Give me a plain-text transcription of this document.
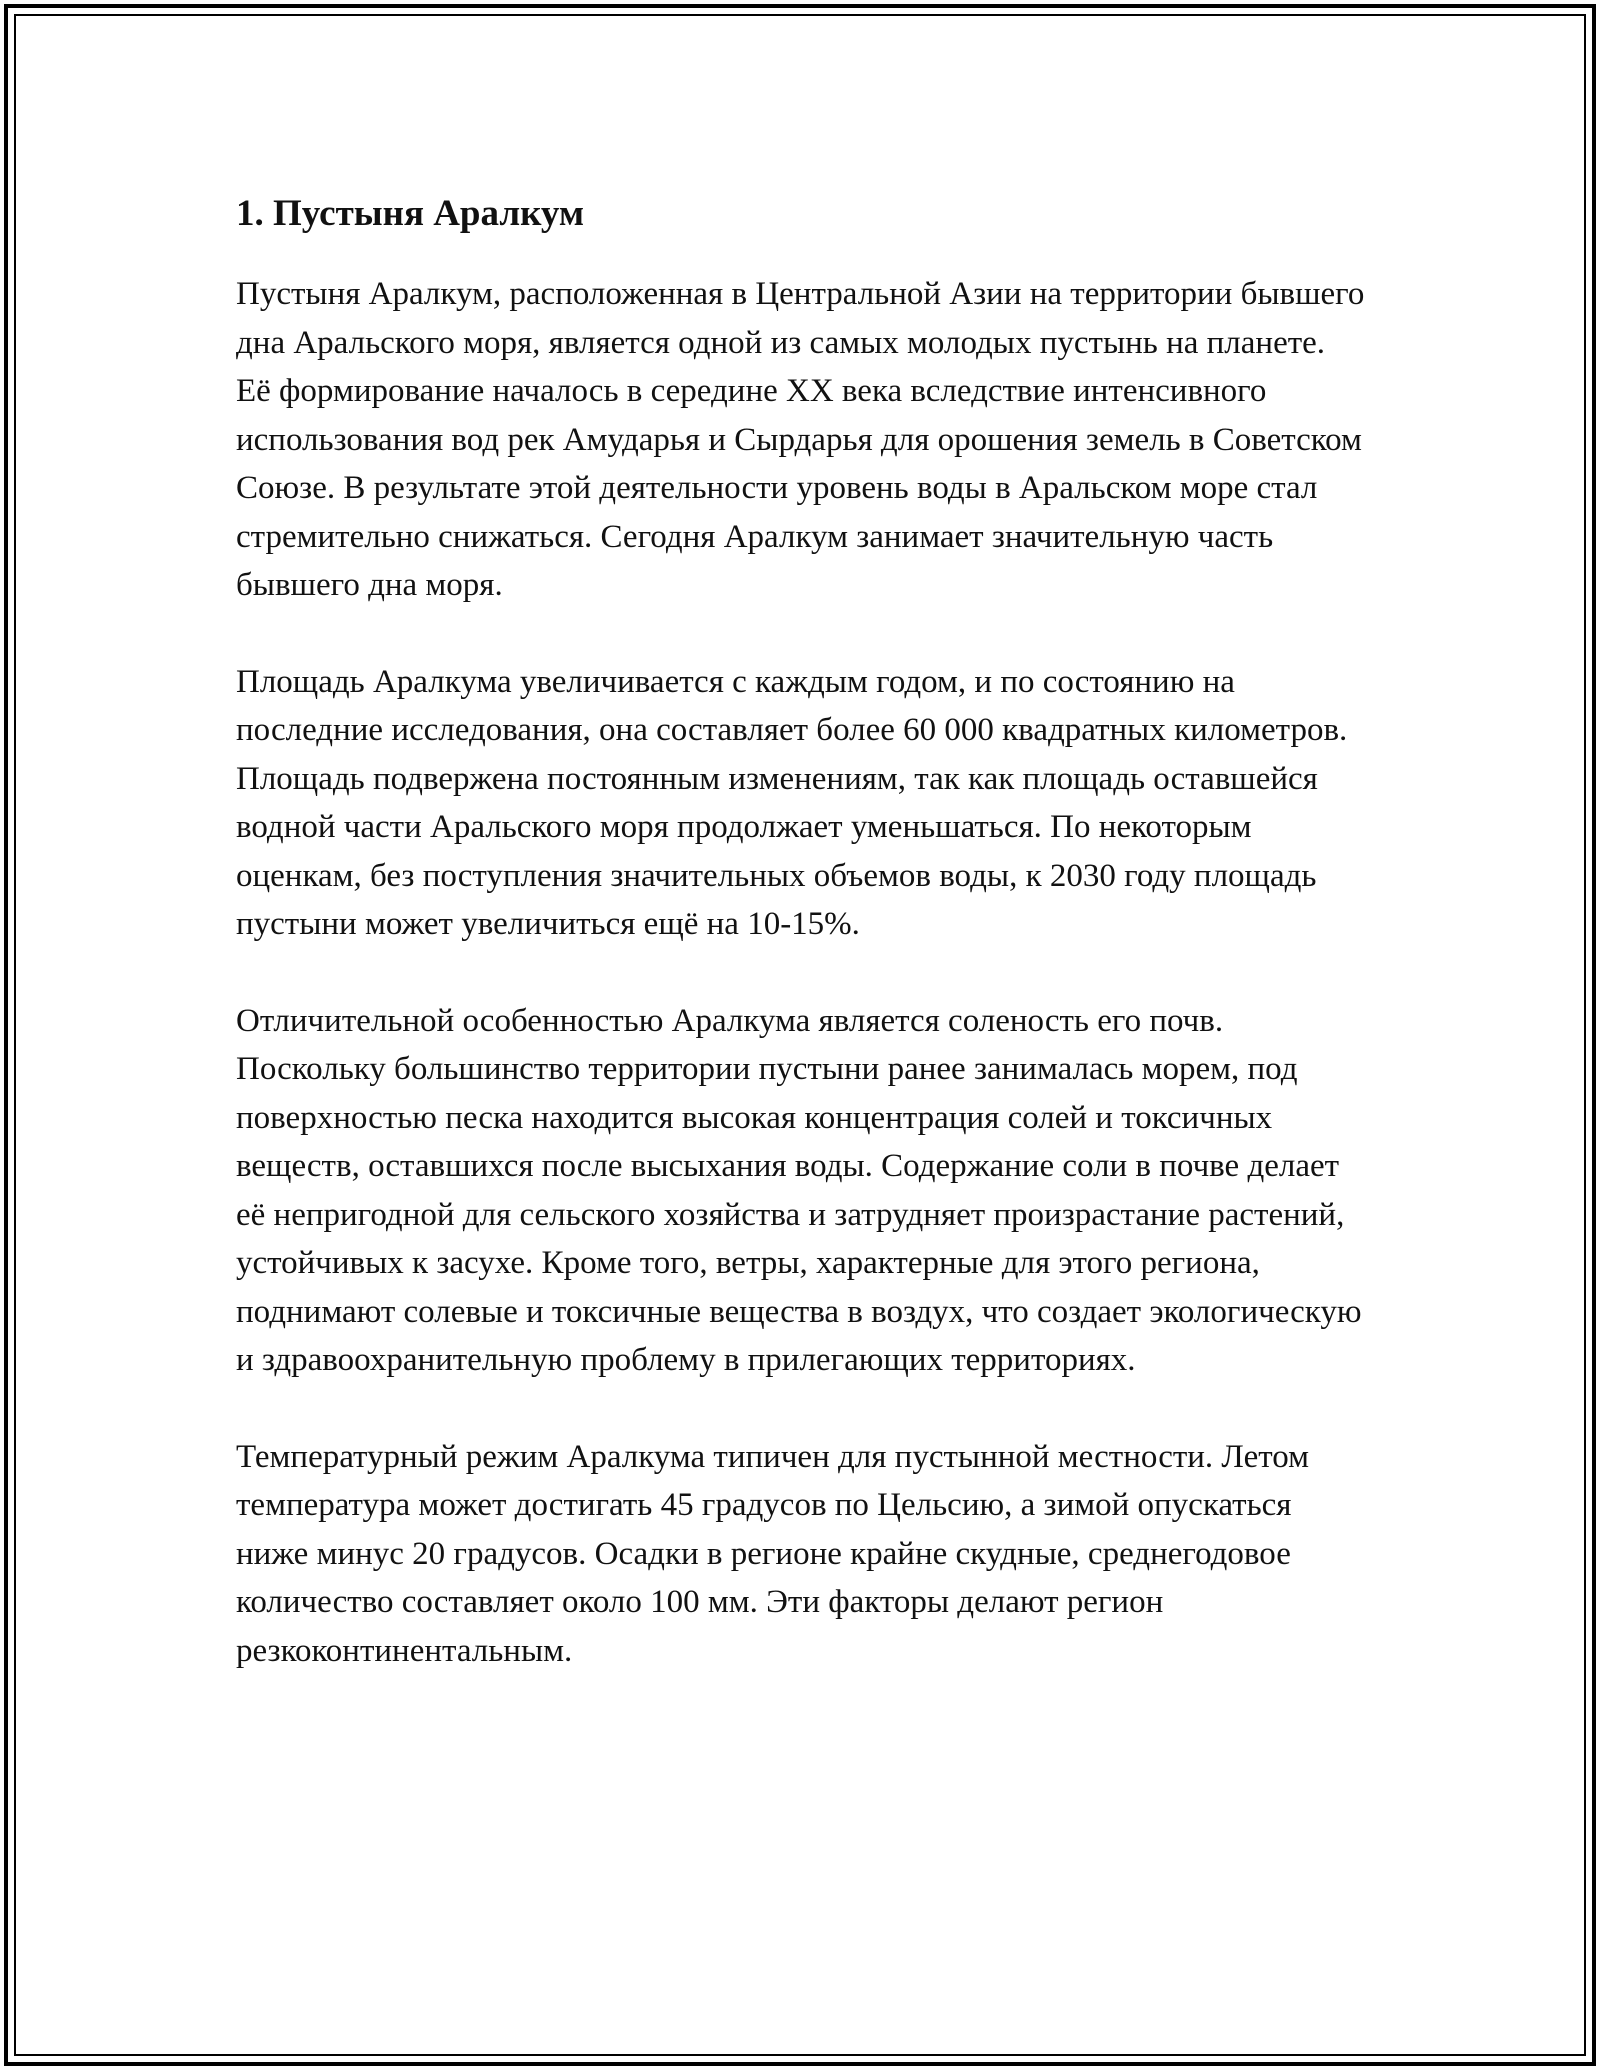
1. Пустыня Аралкум

Пустыня Аралкум, расположенная в Центральной Азии на территории бывшего дна Аральского моря, является одной из самых молодых пустынь на планете. Её формирование началось в середине XX века вследствие интенсивного использования вод рек Амударья и Сырдарья для орошения земель в Советском Союзе. В результате этой деятельности уровень воды в Аральском море стал стремительно снижаться. Сегодня Аралкум занимает значительную часть бывшего дна моря.

Площадь Аралкума увеличивается с каждым годом, и по состоянию на последние исследования, она составляет более 60 000 квадратных километров. Площадь подвержена постоянным изменениям, так как площадь оставшейся водной части Аральского моря продолжает уменьшаться. По некоторым оценкам, без поступления значительных объемов воды, к 2030 году площадь пустыни может увеличиться ещё на 10-15%.

Отличительной особенностью Аралкума является соленость его почв. Поскольку большинство территории пустыни ранее занималась морем, под поверхностью песка находится высокая концентрация солей и токсичных веществ, оставшихся после высыхания воды. Содержание соли в почве делает её непригодной для сельского хозяйства и затрудняет произрастание растений, устойчивых к засухе. Кроме того, ветры, характерные для этого региона, поднимают солевые и токсичные вещества в воздух, что создает экологическую и здравоохранительную проблему в прилегающих территориях.

Температурный режим Аралкума типичен для пустынной местности. Летом температура может достигать 45 градусов по Цельсию, а зимой опускаться ниже минус 20 градусов. Осадки в регионе крайне скудные, среднегодовое количество составляет около 100 мм. Эти факторы делают регион резкоконтинентальным.
